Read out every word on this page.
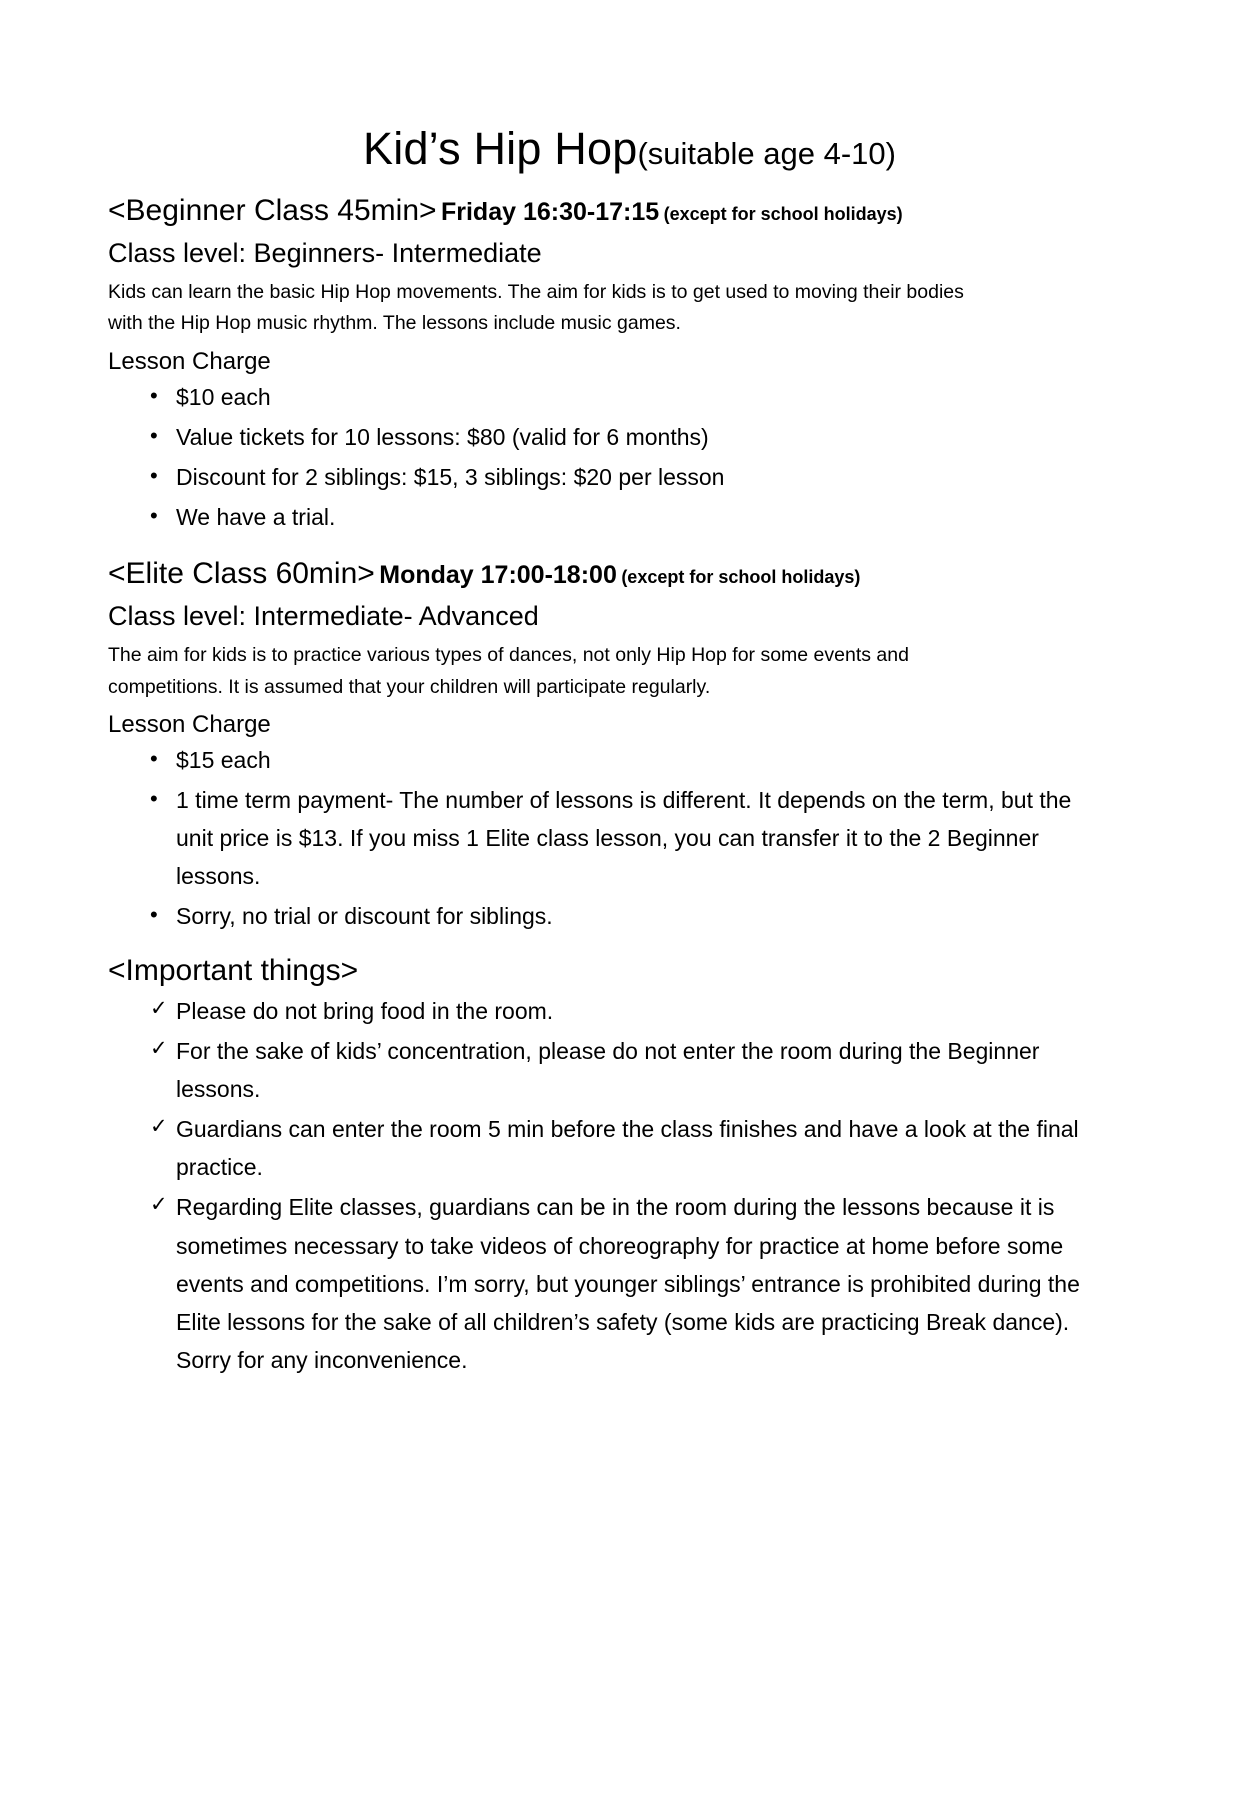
Kid’s Hip Hop(suitable age 4-10)
<Beginner Class 45min> Friday 16:30-17:15 (except for school holidays)
Class level: Beginners- Intermediate

Kids can learn the basic Hip Hop movements. The aim for kids is to get used to moving their bodies with the Hip Hop music rhythm. The lessons include music games.

Lesson Charge
• $10 each
• Value tickets for 10 lessons: $80 (valid for 6 months)
• Discount for 2 siblings: $15, 3 siblings: $20 per lesson
• We have a trial.
<Elite Class 60min> Monday 17:00-18:00 (except for school holidays)
Class level: Intermediate- Advanced

The aim for kids is to practice various types of dances, not only Hip Hop for some events and competitions. It is assumed that your children will participate regularly.

Lesson Charge
• $15 each
• 1 time term payment- The number of lessons is different. It depends on the term, but the unit price is $13. If you miss 1 Elite class lesson, you can transfer it to the 2 Beginner lessons.
• Sorry, no trial or discount for siblings.
<Important things>
✓ Please do not bring food in the room.
✓ For the sake of kids’ concentration, please do not enter the room during the Beginner lessons.
✓ Guardians can enter the room 5 min before the class finishes and have a look at the final practice.
✓ Regarding Elite classes, guardians can be in the room during the lessons because it is sometimes necessary to take videos of choreography for practice at home before some events and competitions. I’m sorry, but younger siblings’ entrance is prohibited during the Elite lessons for the sake of all children’s safety (some kids are practicing Break dance). Sorry for any inconvenience.
